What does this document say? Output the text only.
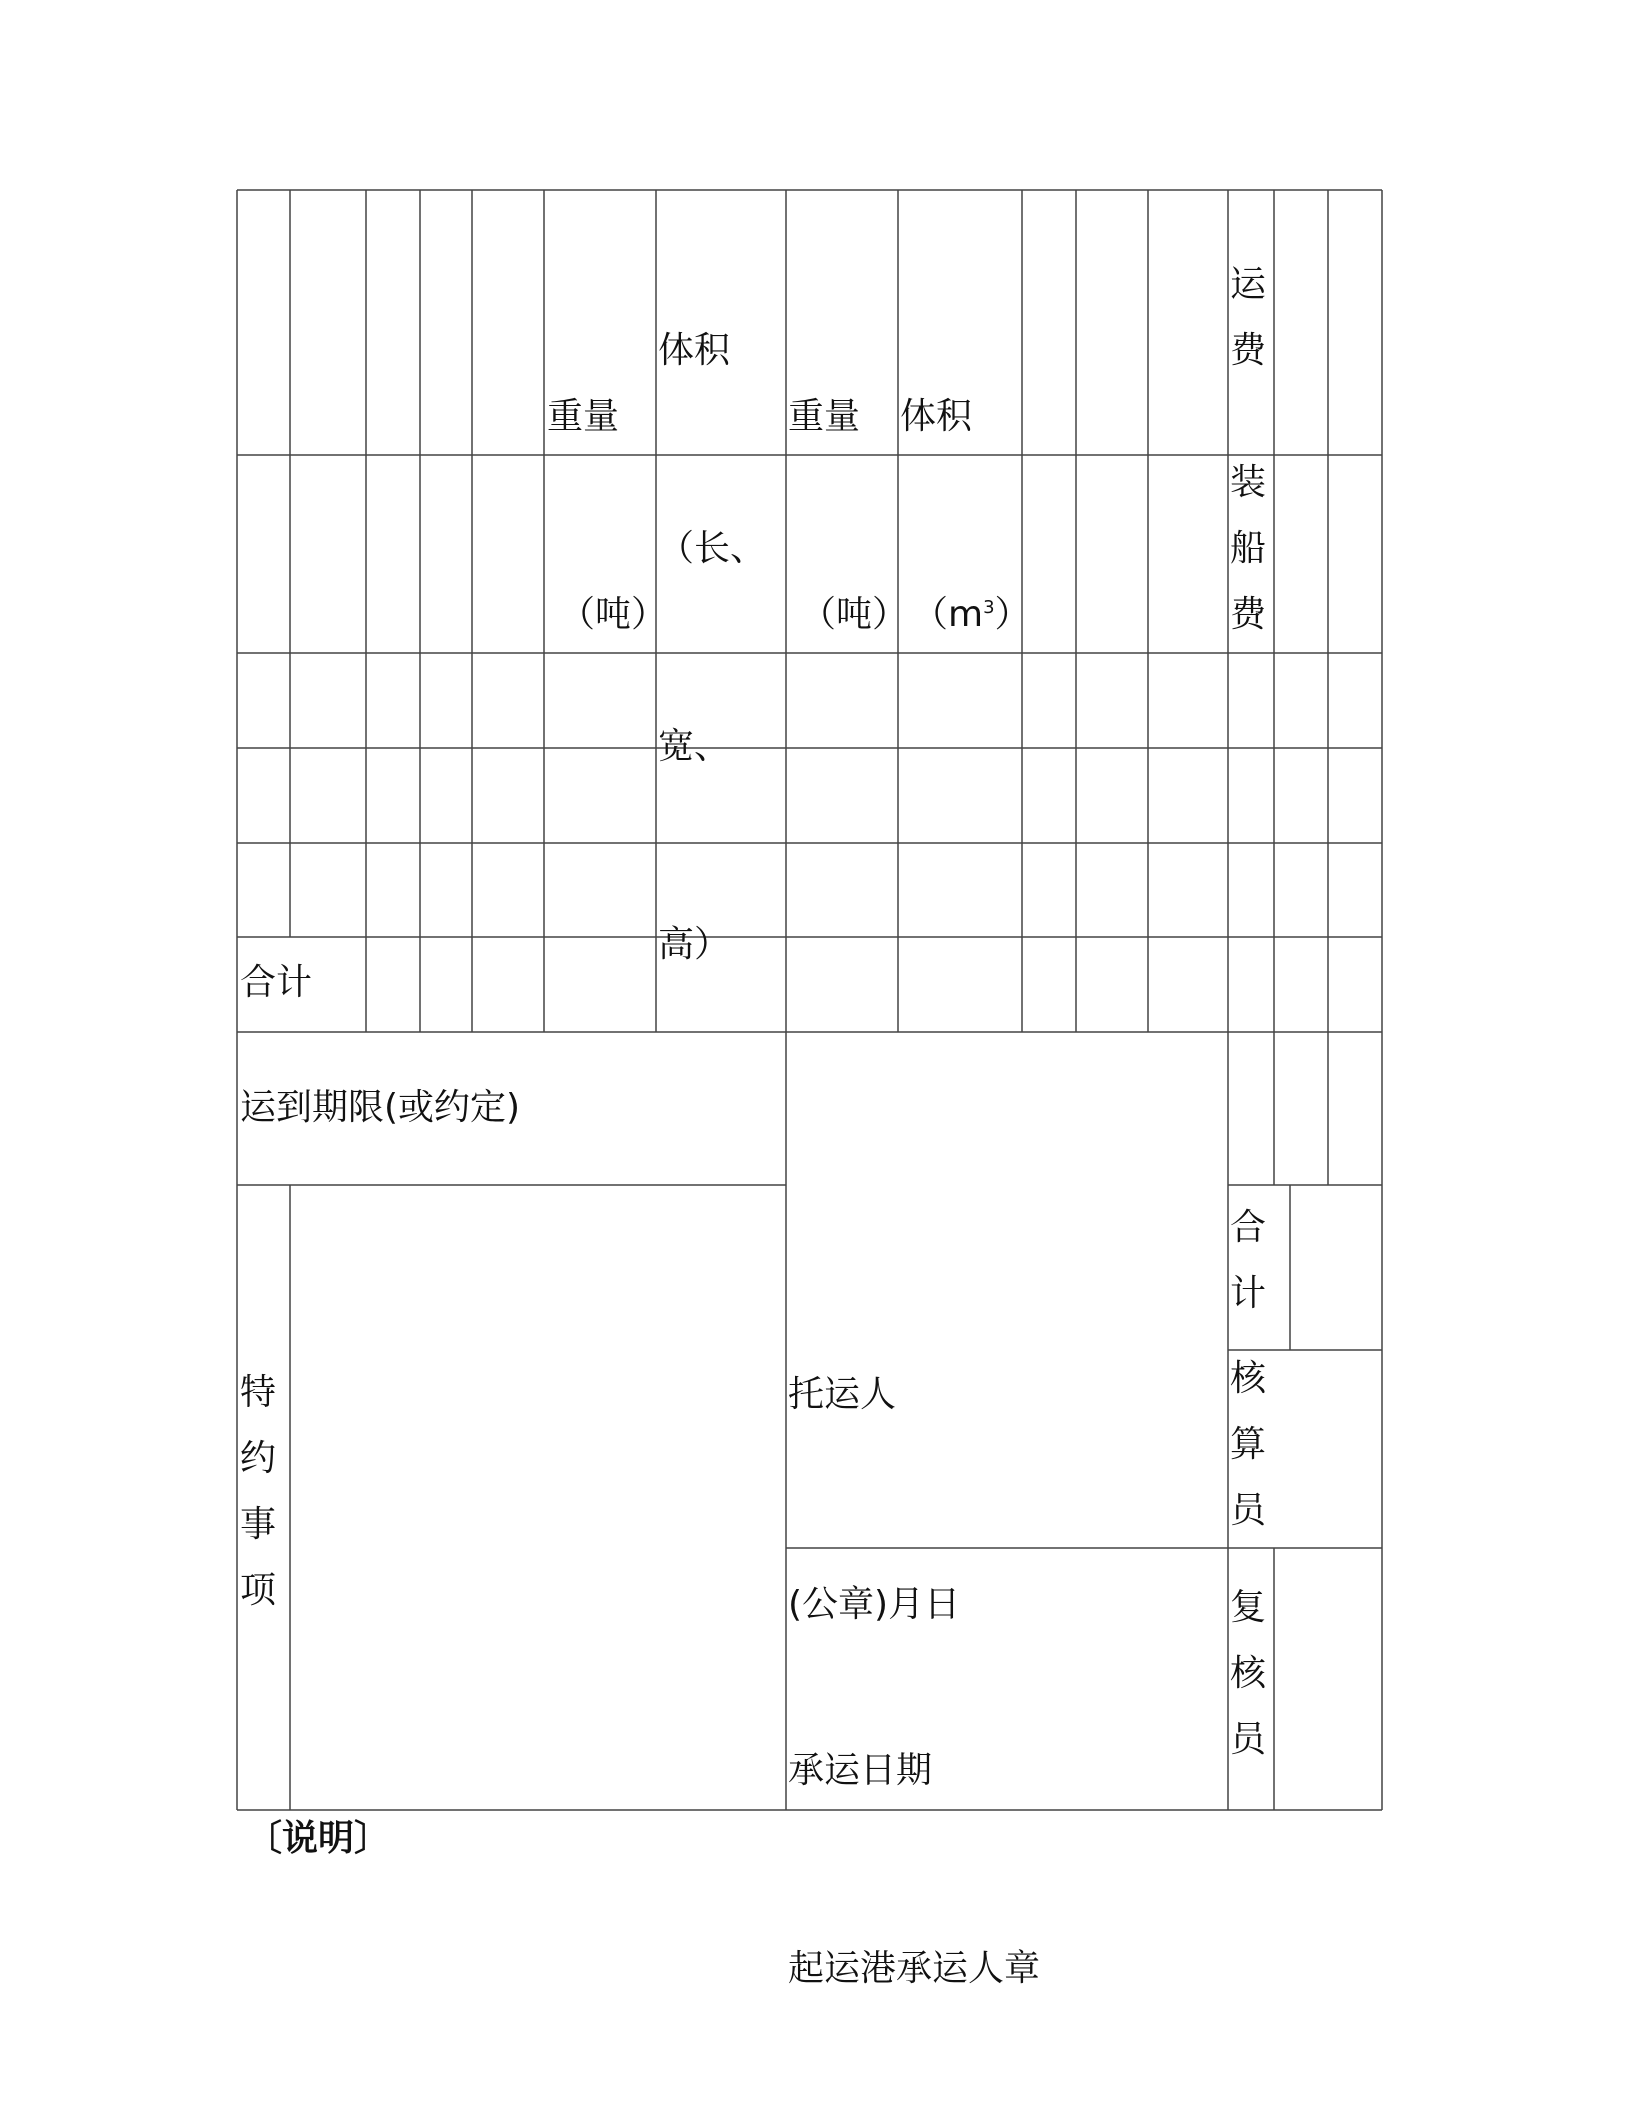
重量

（吨）

体积

（长、

宽、

高）

重量

（吨）

体积

$(m^3)$

运费
装船费
合计
运到期限(或约定)
特约事项

托运人

(公章)月日

承运日期

起运港承运人章

合计
核算员
复核员
〔说明〕
